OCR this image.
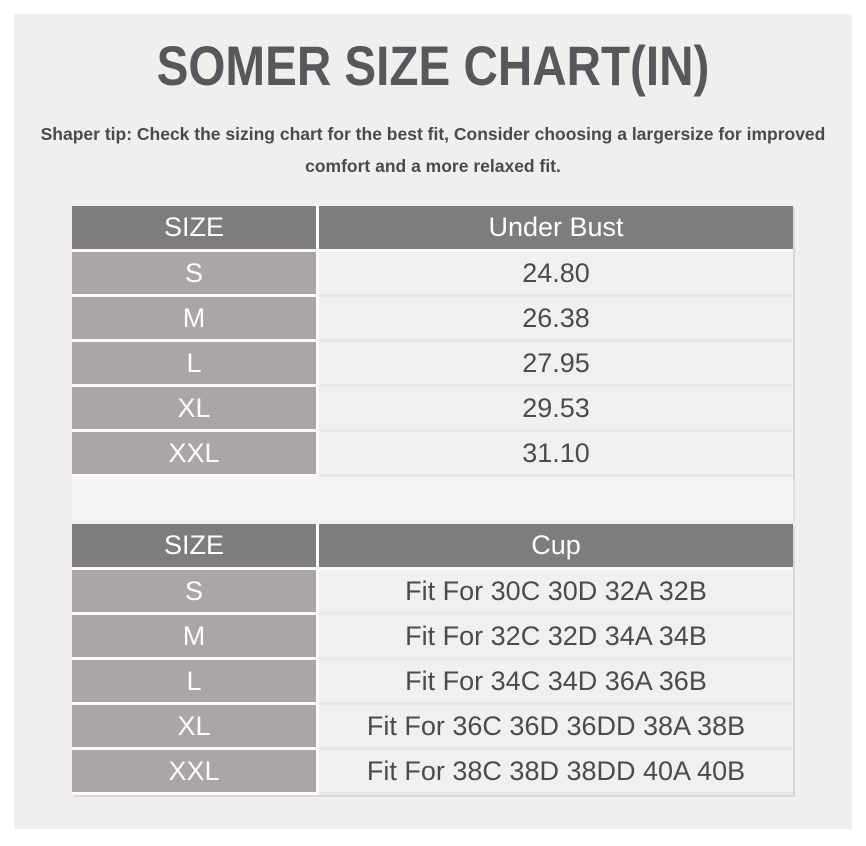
SOMER SIZE CHART(IN)

Shaper tip: Check the sizing chart for the best fit, Consider choosing a largersize for improved comfort and a more relaxed fit.

SIZE	Under Bust
S	24.80
M	26.38
L	27.95
XL	29.53
XXL	31.10
SIZE	Cup
S	Fit For 30C 30D 32A 32B
M	Fit For 32C 32D 34A 34B
L	Fit For 34C 34D 36A 36B
XL	Fit For 36C 36D 36DD 38A 38B
XXL	Fit For 38C 38D 38DD 40A 40B
